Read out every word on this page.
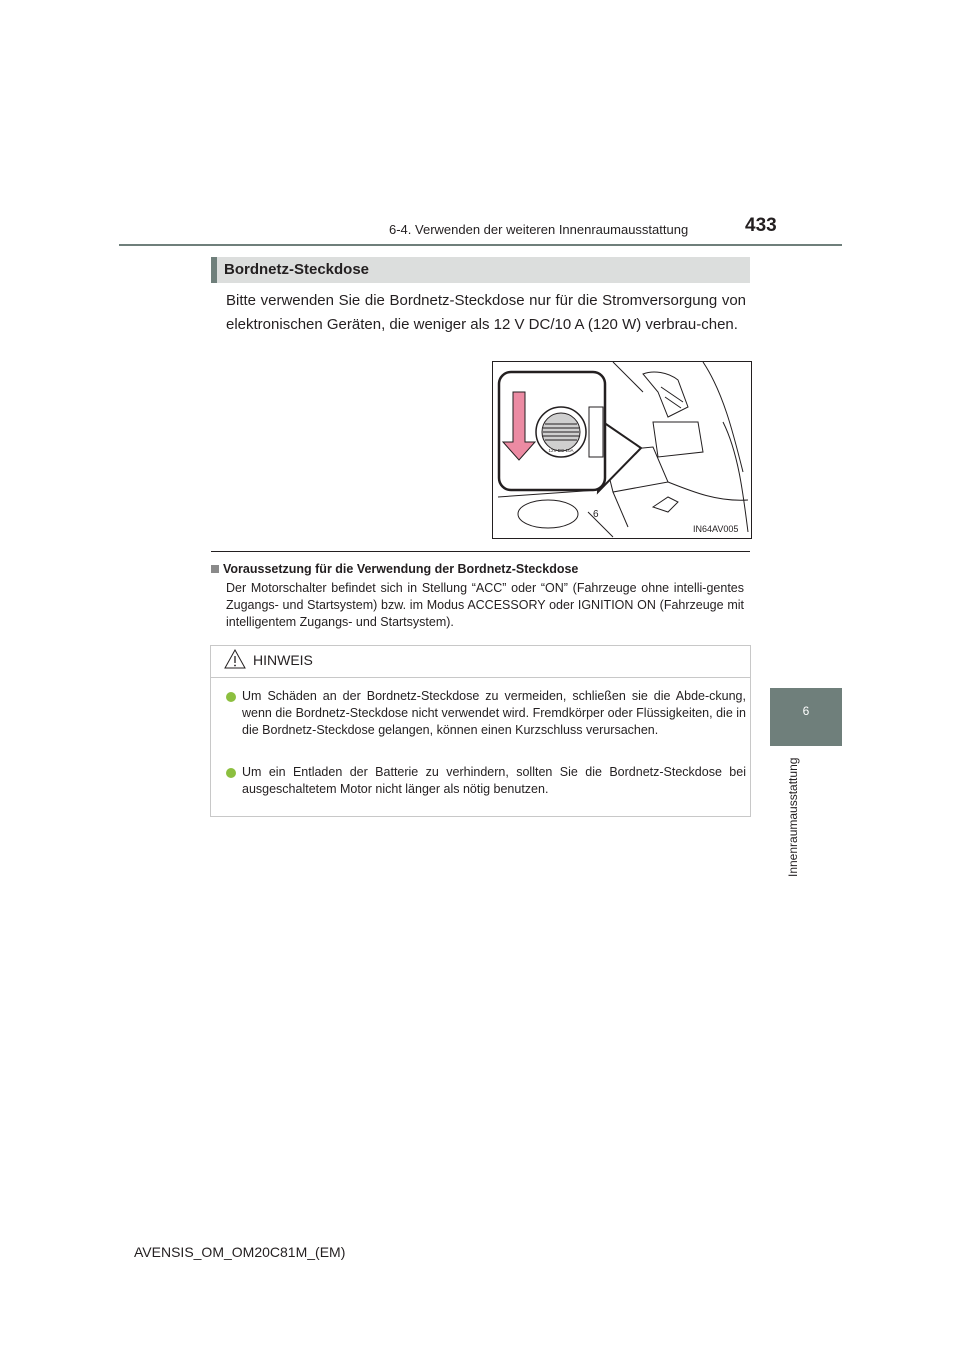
6-4. Verwenden der weiteren Innenraumausstattung	433
6
Innenraumausstattung
Bordnetz-Steckdose
Bitte verwenden Sie die Bordnetz-Steckdose nur für die Stromversorgung von elektronischen Geräten, die weniger als 12 V DC/10 A (120 W) verbrau-chen.
12V DC 10A
6
IN64AV005
Voraussetzung für die Verwendung der Bordnetz-Steckdose
Der Motorschalter befindet sich in Stellung “ACC” oder “ON” (Fahrzeuge ohne intelli-gentes Zugangs- und Startsystem) bzw. im Modus ACCESSORY oder IGNITION ON (Fahrzeuge mit intelligentem Zugangs- und Startsystem).
HINWEIS
Um Schäden an der Bordnetz-Steckdose zu vermeiden, schließen sie die Abde-ckung, wenn die Bordnetz-Steckdose nicht verwendet wird. Fremdkörper oder Flüssigkeiten, die in die Bordnetz-Steckdose gelangen, können einen Kurzschluss verursachen.
Um ein Entladen der Batterie zu verhindern, sollten Sie die Bordnetz-Steckdose bei ausgeschaltetem Motor nicht länger als nötig benutzen.
AVENSIS_OM_OM20C81M_(EM)
